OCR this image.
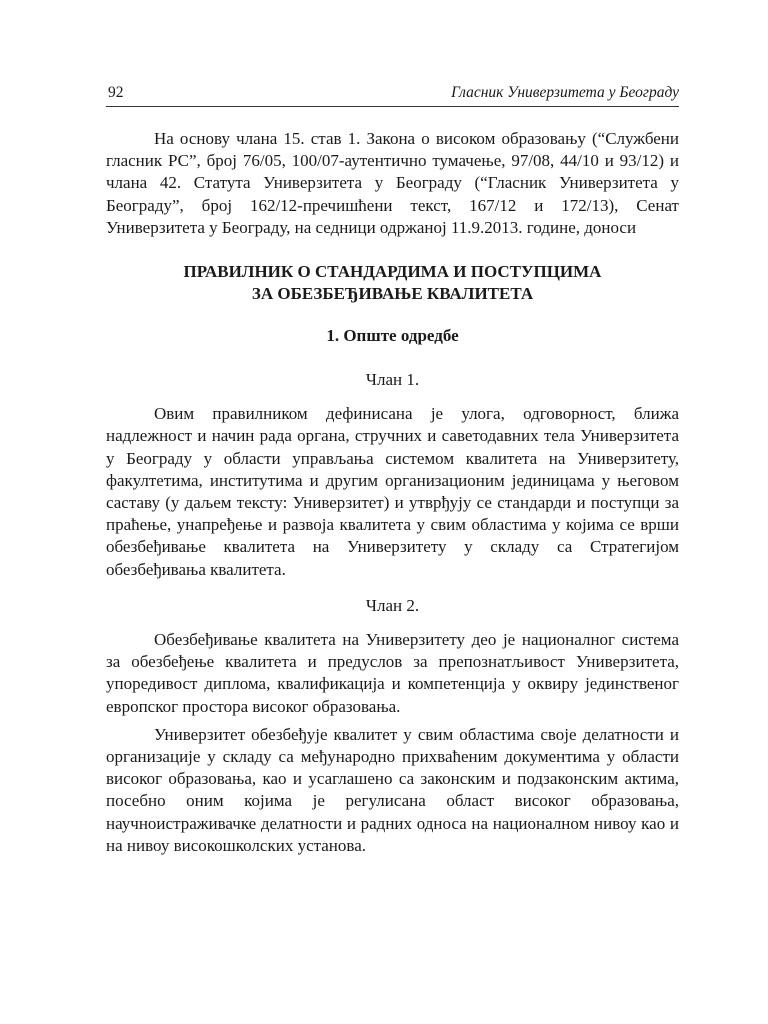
92	Гласник Универзитета у Београду

На основу члана 15. став 1. Закона о високом образовању (“Службени гласник РС”, број 76/05, 100/07-аутентично тумачење, 97/08, 44/10 и 93/12) и члана 42. Статута Универзитета у Београду (“Гласник Универзитета у Београду”, број 162/12-пречишћени текст, 167/12 и 172/13), Сенат Универзитета у Београду, на седници одржаној 11.9.2013. године, доноси

ПРАВИЛНИК О СТАНДАРДИМА И ПОСТУПЦИМА

ЗА ОБЕЗБЕЂИВАЊЕ КВАЛИТЕТА

1. Опште одредбе

Члан 1.

Овим правилником дефинисана је улога, одговорност, ближа надлежност и начин рада органа, стручних и саветодавних тела Универзитета у Београду у области управљања системом квалитета на Универзитету, факултетима, институтима и другим организационим јединицама у његовом саставу (у даљем тексту: Универзитет) и утврђују се стандарди и поступци за праћење, унапређење и развоја квалитета у свим областима у којима се врши обезбеђивање квалитета на Универзитету у складу са Стратегијом обезбеђивања квалитета.

Члан 2.

Обезбеђивање квалитета на Универзитету део је националног система за обезбеђење квалитета и предуслов за препознатљивост Универзитета, упоредивост диплома, квалификација и компетенција у оквиру јединственог европског простора високог образовања.

Универзитет обезбеђује квалитет у свим областима своје делатности и организације у складу са међународно прихваћеним документима у области високог образовања, као и усаглашено са законским и подзаконским актима, посебно оним којима је регулисана област високог образовања, научноистраживачке делатности и радних односа на националном нивоу као и на нивоу високошколских установа.
